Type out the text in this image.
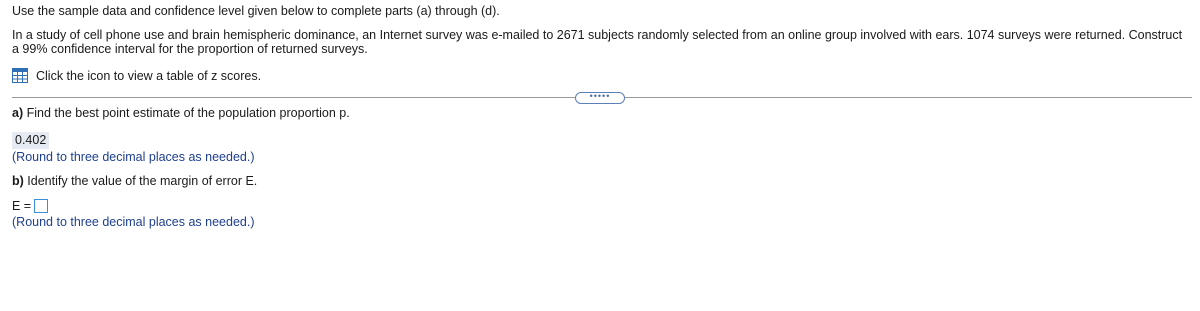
Use the sample data and confidence level given below to complete parts (a) through (d).
In a study of cell phone use and brain hemispheric dominance, an Internet survey was e-mailed to 2671 subjects randomly selected from an online group involved with ears. 1074 surveys were returned. Construct a 99% confidence interval for the proportion of returned surveys.
Click the icon to view a table of z scores.
•••••
a) Find the best point estimate of the population proportion p.
0.402
(Round to three decimal places as needed.)
b) Identify the value of the margin of error E.
E =
(Round to three decimal places as needed.)
